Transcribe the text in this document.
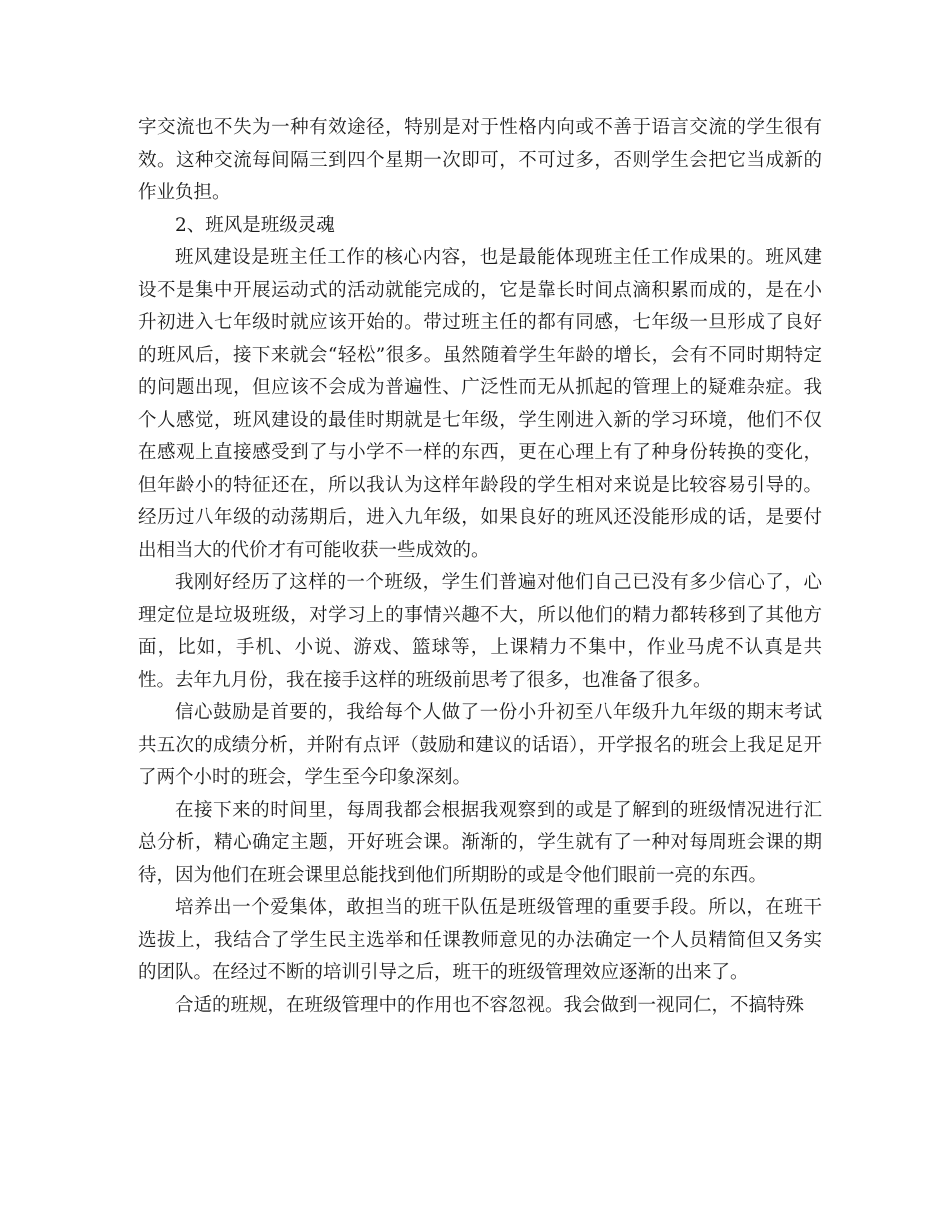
字交流也不失为一种有效途径，特别是对于性格内向或不善于语言交流的学生很有效。这种交流每间隔三到四个星期一次即可，不可过多，否则学生会把它当成新的作业负担。

2、班风是班级灵魂

班风建设是班主任工作的核心内容，也是最能体现班主任工作成果的。班风建设不是集中开展运动式的活动就能完成的，它是靠长时间点滴积累而成的，是在小升初进入七年级时就应该开始的。带过班主任的都有同感，七年级一旦形成了良好的班风后，接下来就会“轻松”很多。虽然随着学生年龄的增长，会有不同时期特定的问题出现，但应该不会成为普遍性、广泛性而无从抓起的管理上的疑难杂症。我个人感觉，班风建设的最佳时期就是七年级，学生刚进入新的学习环境，他们不仅在感观上直接感受到了与小学不一样的东西，更在心理上有了种身份转换的变化，但年龄小的特征还在，所以我认为这样年龄段的学生相对来说是比较容易引导的。经历过八年级的动荡期后，进入九年级，如果良好的班风还没能形成的话，是要付出相当大的代价才有可能收获一些成效的。

我刚好经历了这样的一个班级，学生们普遍对他们自己已没有多少信心了，心理定位是垃圾班级，对学习上的事情兴趣不大，所以他们的精力都转移到了其他方面，比如，手机、小说、游戏、篮球等，上课精力不集中，作业马虎不认真是共性。去年九月份，我在接手这样的班级前思考了很多，也准备了很多。

信心鼓励是首要的，我给每个人做了一份小升初至八年级升九年级的期末考试共五次的成绩分析，并附有点评（鼓励和建议的话语），开学报名的班会上我足足开了两个小时的班会，学生至今印象深刻。

在接下来的时间里，每周我都会根据我观察到的或是了解到的班级情况进行汇总分析，精心确定主题，开好班会课。渐渐的，学生就有了一种对每周班会课的期待，因为他们在班会课里总能找到他们所期盼的或是令他们眼前一亮的东西。

培养出一个爱集体，敢担当的班干队伍是班级管理的重要手段。所以，在班干选拔上，我结合了学生民主选举和任课教师意见的办法确定一个人员精简但又务实的团队。在经过不断的培训引导之后，班干的班级管理效应逐渐的出来了。

合适的班规，在班级管理中的作用也不容忽视。我会做到一视同仁，不搞特殊
